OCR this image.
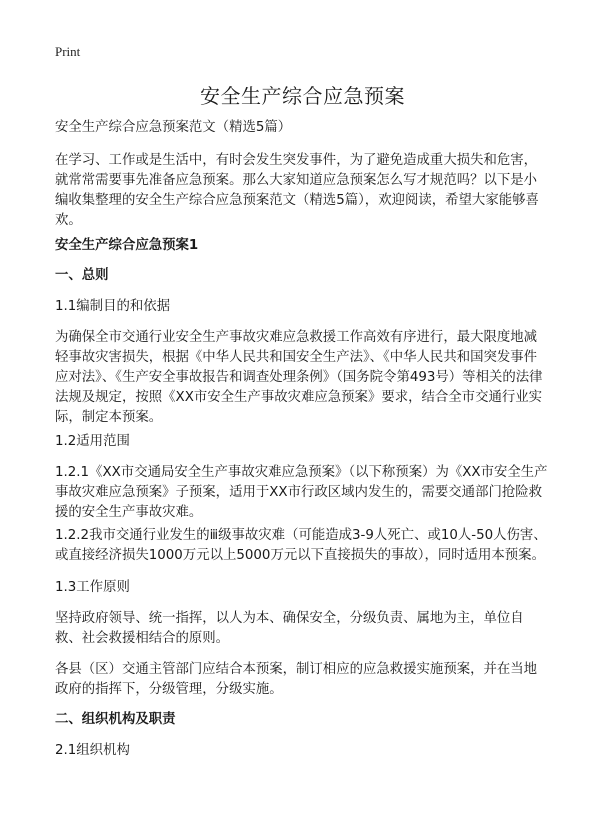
Print
安全生产综合应急预案

安全生产综合应急预案范文（精选5篇）

在学习、工作或是生活中，有时会发生突发事件，为了避免造成重大损失和危害，就常常需要事先准备应急预案。那么大家知道应急预案怎么写才规范吗？以下是小编收集整理的安全生产综合应急预案范文（精选5篇），欢迎阅读，希望大家能够喜欢。

安全生产综合应急预案1

一、总则

1.1编制目的和依据

为确保全市交通行业安全生产事故灾难应急救援工作高效有序进行，最大限度地减轻事故灾害损失，根据《中华人民共和国安全生产法》、《中华人民共和国突发事件应对法》、《生产安全事故报告和调查处理条例》（国务院令第493号）等相关的法律法规及规定，按照《XX市安全生产事故灾难应急预案》要求，结合全市交通行业实际，制定本预案。

1.2适用范围

1.2.1《XX市交通局安全生产事故灾难应急预案》（以下称预案）为《XX市安全生产事故灾难应急预案》子预案，适用于XX市行政区域内发生的，需要交通部门抢险救援的安全生产事故灾难。

1.2.2我市交通行业发生的ⅲ级事故灾难（可能造成3-9人死亡、或10人-50人伤害、或直接经济损失1000万元以上5000万元以下直接损失的事故），同时适用本预案。

1.3工作原则

坚持政府领导、统一指挥，以人为本、确保安全，分级负责、属地为主，单位自救、社会救援相结合的原则。

各县（区）交通主管部门应结合本预案，制订相应的应急救援实施预案，并在当地政府的指挥下，分级管理，分级实施。

二、组织机构及职责

2.1组织机构
